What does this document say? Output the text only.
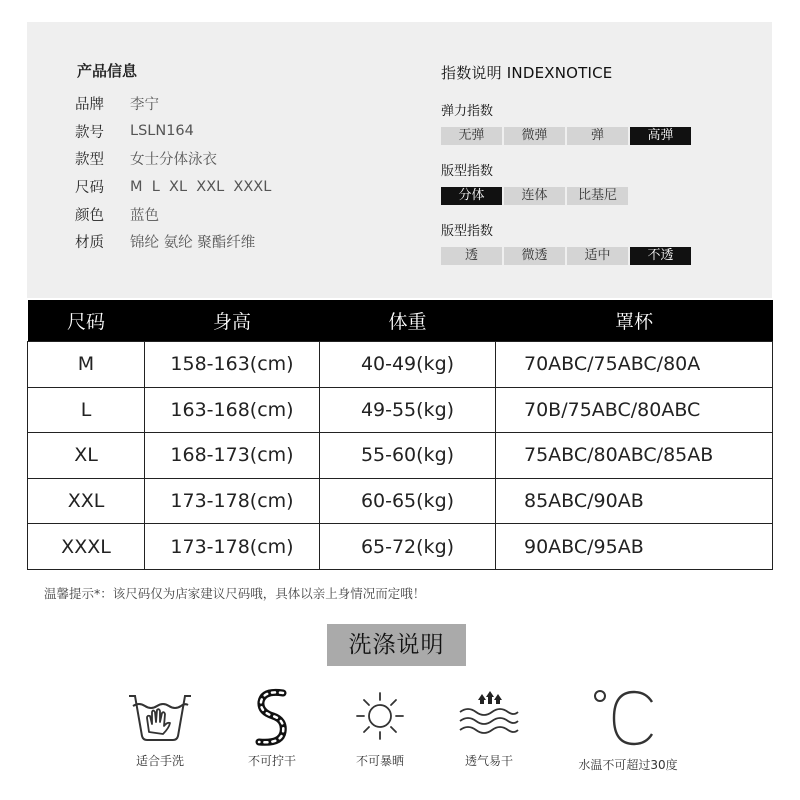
产品信息
品牌	李宁
款号	LSLN164
款型	女士分体泳衣
尺码	M  L  XL  XXL  XXXL
颜色	蓝色
材质	锦纶 氨纶 聚酯纤维
指数说明 INDEXNOTICE
弹力指数
无弹	微弹	弹	高弹
版型指数
分体	连体	比基尼
版型指数
透	微透	适中	不透
尺码	身高	体重	罩杯
M	158-163(cm)	40-49(kg)	70ABC/75ABC/80A
L	163-168(cm)	49-55(kg)	70B/75ABC/80ABC
XL	168-173(cm)	55-60(kg)	75ABC/80ABC/85AB
XXL	173-178(cm)	60-65(kg)	85ABC/90AB
XXXL	173-178(cm)	65-72(kg)	90ABC/95AB
温馨提示*：该尺码仅为店家建议尺码哦，具体以亲上身情况而定哦！
洗涤说明
适合手洗	不可拧干	不可暴晒	透气易干	水温不可超过30度
